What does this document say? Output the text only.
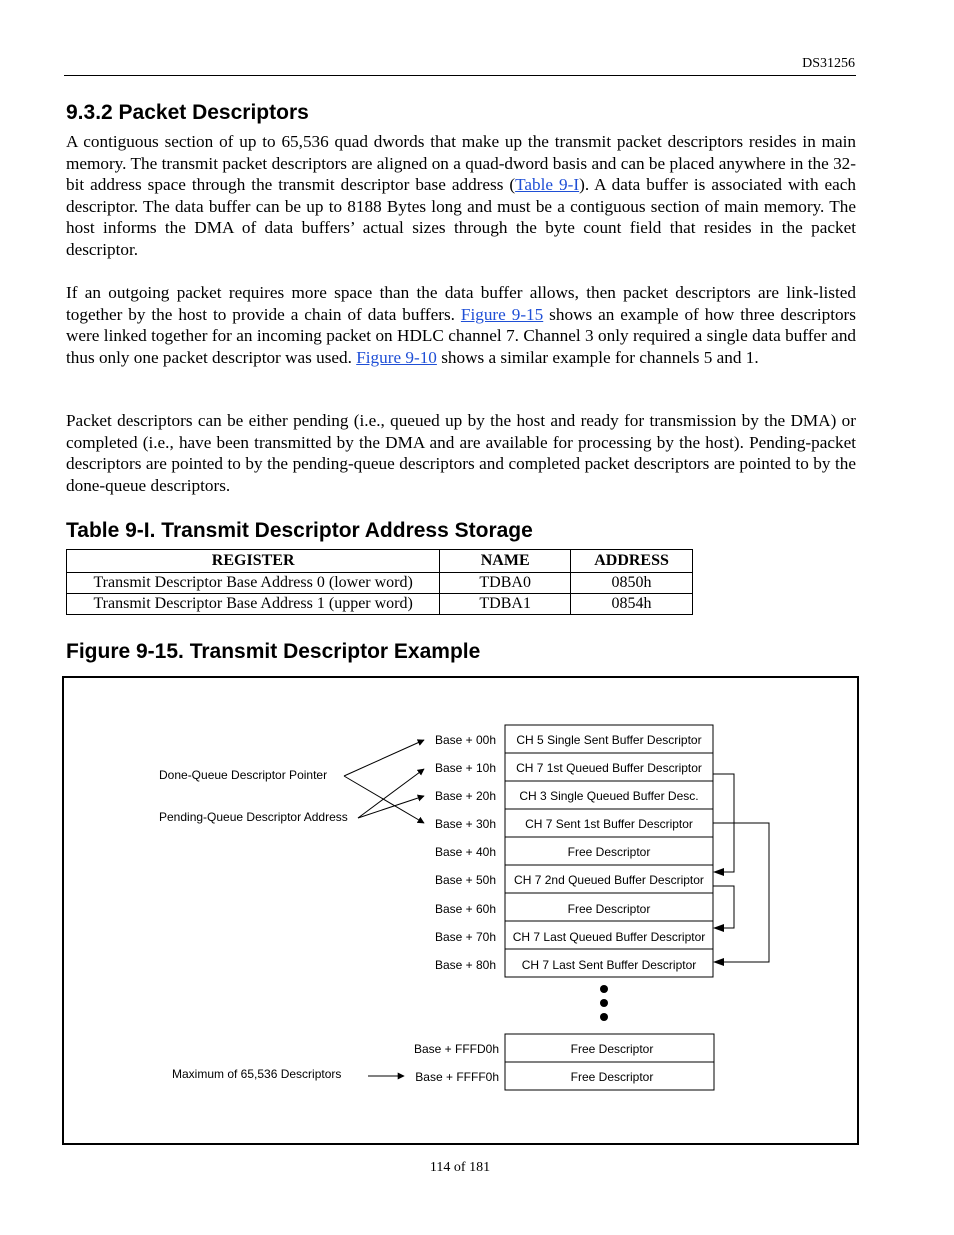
DS31256
9.3.2 Packet Descriptors

A contiguous section of up to 65,536 quad dwords that make up the transmit packet descriptors resides in main memory. The transmit packet descriptors are aligned on a quad-dword basis and can be placed anywhere in the 32-bit address space through the transmit descriptor base address (Table 9-I). A data buffer is associated with each descriptor. The data buffer can be up to 8188 Bytes long and must be a contiguous section of main memory. The host informs the DMA of data buffers’ actual sizes through the byte count field that resides in the packet descriptor.

If an outgoing packet requires more space than the data buffer allows, then packet descriptors are link-listed together by the host to provide a chain of data buffers. Figure 9-15 shows an example of how three descriptors were linked together for an incoming packet on HDLC channel 7. Channel 3 only required a single data buffer and thus only one packet descriptor was used. Figure 9-10 shows a similar example for channels 5 and 1.

Packet descriptors can be either pending (i.e., queued up by the host and ready for transmission by the DMA) or completed (i.e., have been transmitted by the DMA and are available for processing by the host). Pending-packet descriptors are pointed to by the pending-queue descriptors and completed packet descriptors are pointed to by the done-queue descriptors.

Table 9-I. Transmit Descriptor Address Storage
REGISTER	NAME	ADDRESS
Transmit Descriptor Base Address 0 (lower word)	TDBA0	0850h
Transmit Descriptor Base Address 1 (upper word)	TDBA1	0854h
Figure 9-15. Transmit Descriptor Example
Done-Queue Descriptor Pointer
Pending-Queue Descriptor Address
Maximum of 65,536 Descriptors
Base + 00h CH 5 Single Sent Buffer Descriptor
Base + 10h CH 7 1st Queued Buffer Descriptor
Base + 20h CH 3 Single Queued Buffer Desc.
Base + 30h CH 7 Sent 1st Buffer Descriptor
Base + 40h	Free Descriptor
Base + 50h CH 7 2nd Queued Buffer Descriptor
Base + 60h	Free Descriptor
Base + 70h CH 7 Last Queued Buffer Descriptor
Base + 80h CH 7 Last Sent Buffer Descriptor
Base + FFFD0h	Free Descriptor
Base + FFFF0h	Free Descriptor
114 of 181
